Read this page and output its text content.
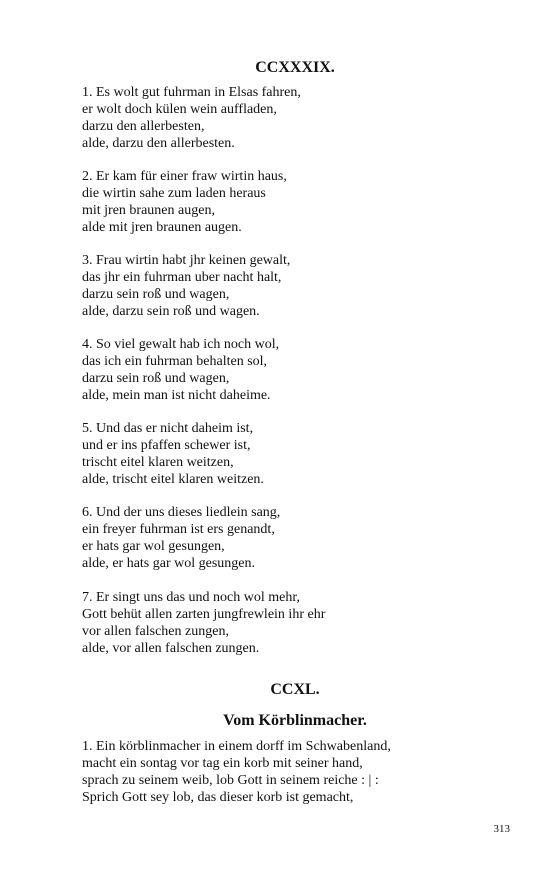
CCXXXIX.
1. Es wolt gut fuhrman in Elsas fahren,
er wolt doch külen wein auffladen,
darzu den allerbesten,
alde, darzu den allerbesten.
2. Er kam für einer fraw wirtin haus,
die wirtin sahe zum laden heraus
mit jren braunen augen,
alde mit jren braunen augen.
3. Frau wirtin habt jhr keinen gewalt,
das jhr ein fuhrman uber nacht halt,
darzu sein roß und wagen,
alde, darzu sein roß und wagen.
4. So viel gewalt hab ich noch wol,
das ich ein fuhrman behalten sol,
darzu sein roß und wagen,
alde, mein man ist nicht daheime.
5. Und das er nicht daheim ist,
und er ins pfaffen schewer ist,
trischt eitel klaren weitzen,
alde, trischt eitel klaren weitzen.
6. Und der uns dieses liedlein sang,
ein freyer fuhrman ist ers genandt,
er hats gar wol gesungen,
alde, er hats gar wol gesungen.
7. Er singt uns das und noch wol mehr,
Gott behüt allen zarten jungfrewlein ihr ehr
vor allen falschen zungen,
alde, vor allen falschen zungen.
CCXL.
Vom Körblinmacher.
1. Ein körblinmacher in einem dorff im Schwabenland,
macht ein sontag vor tag ein korb mit seiner hand,
sprach zu seinem weib, lob Gott in seinem reiche : | :
Sprich Gott sey lob, das dieser korb ist gemacht,
313
